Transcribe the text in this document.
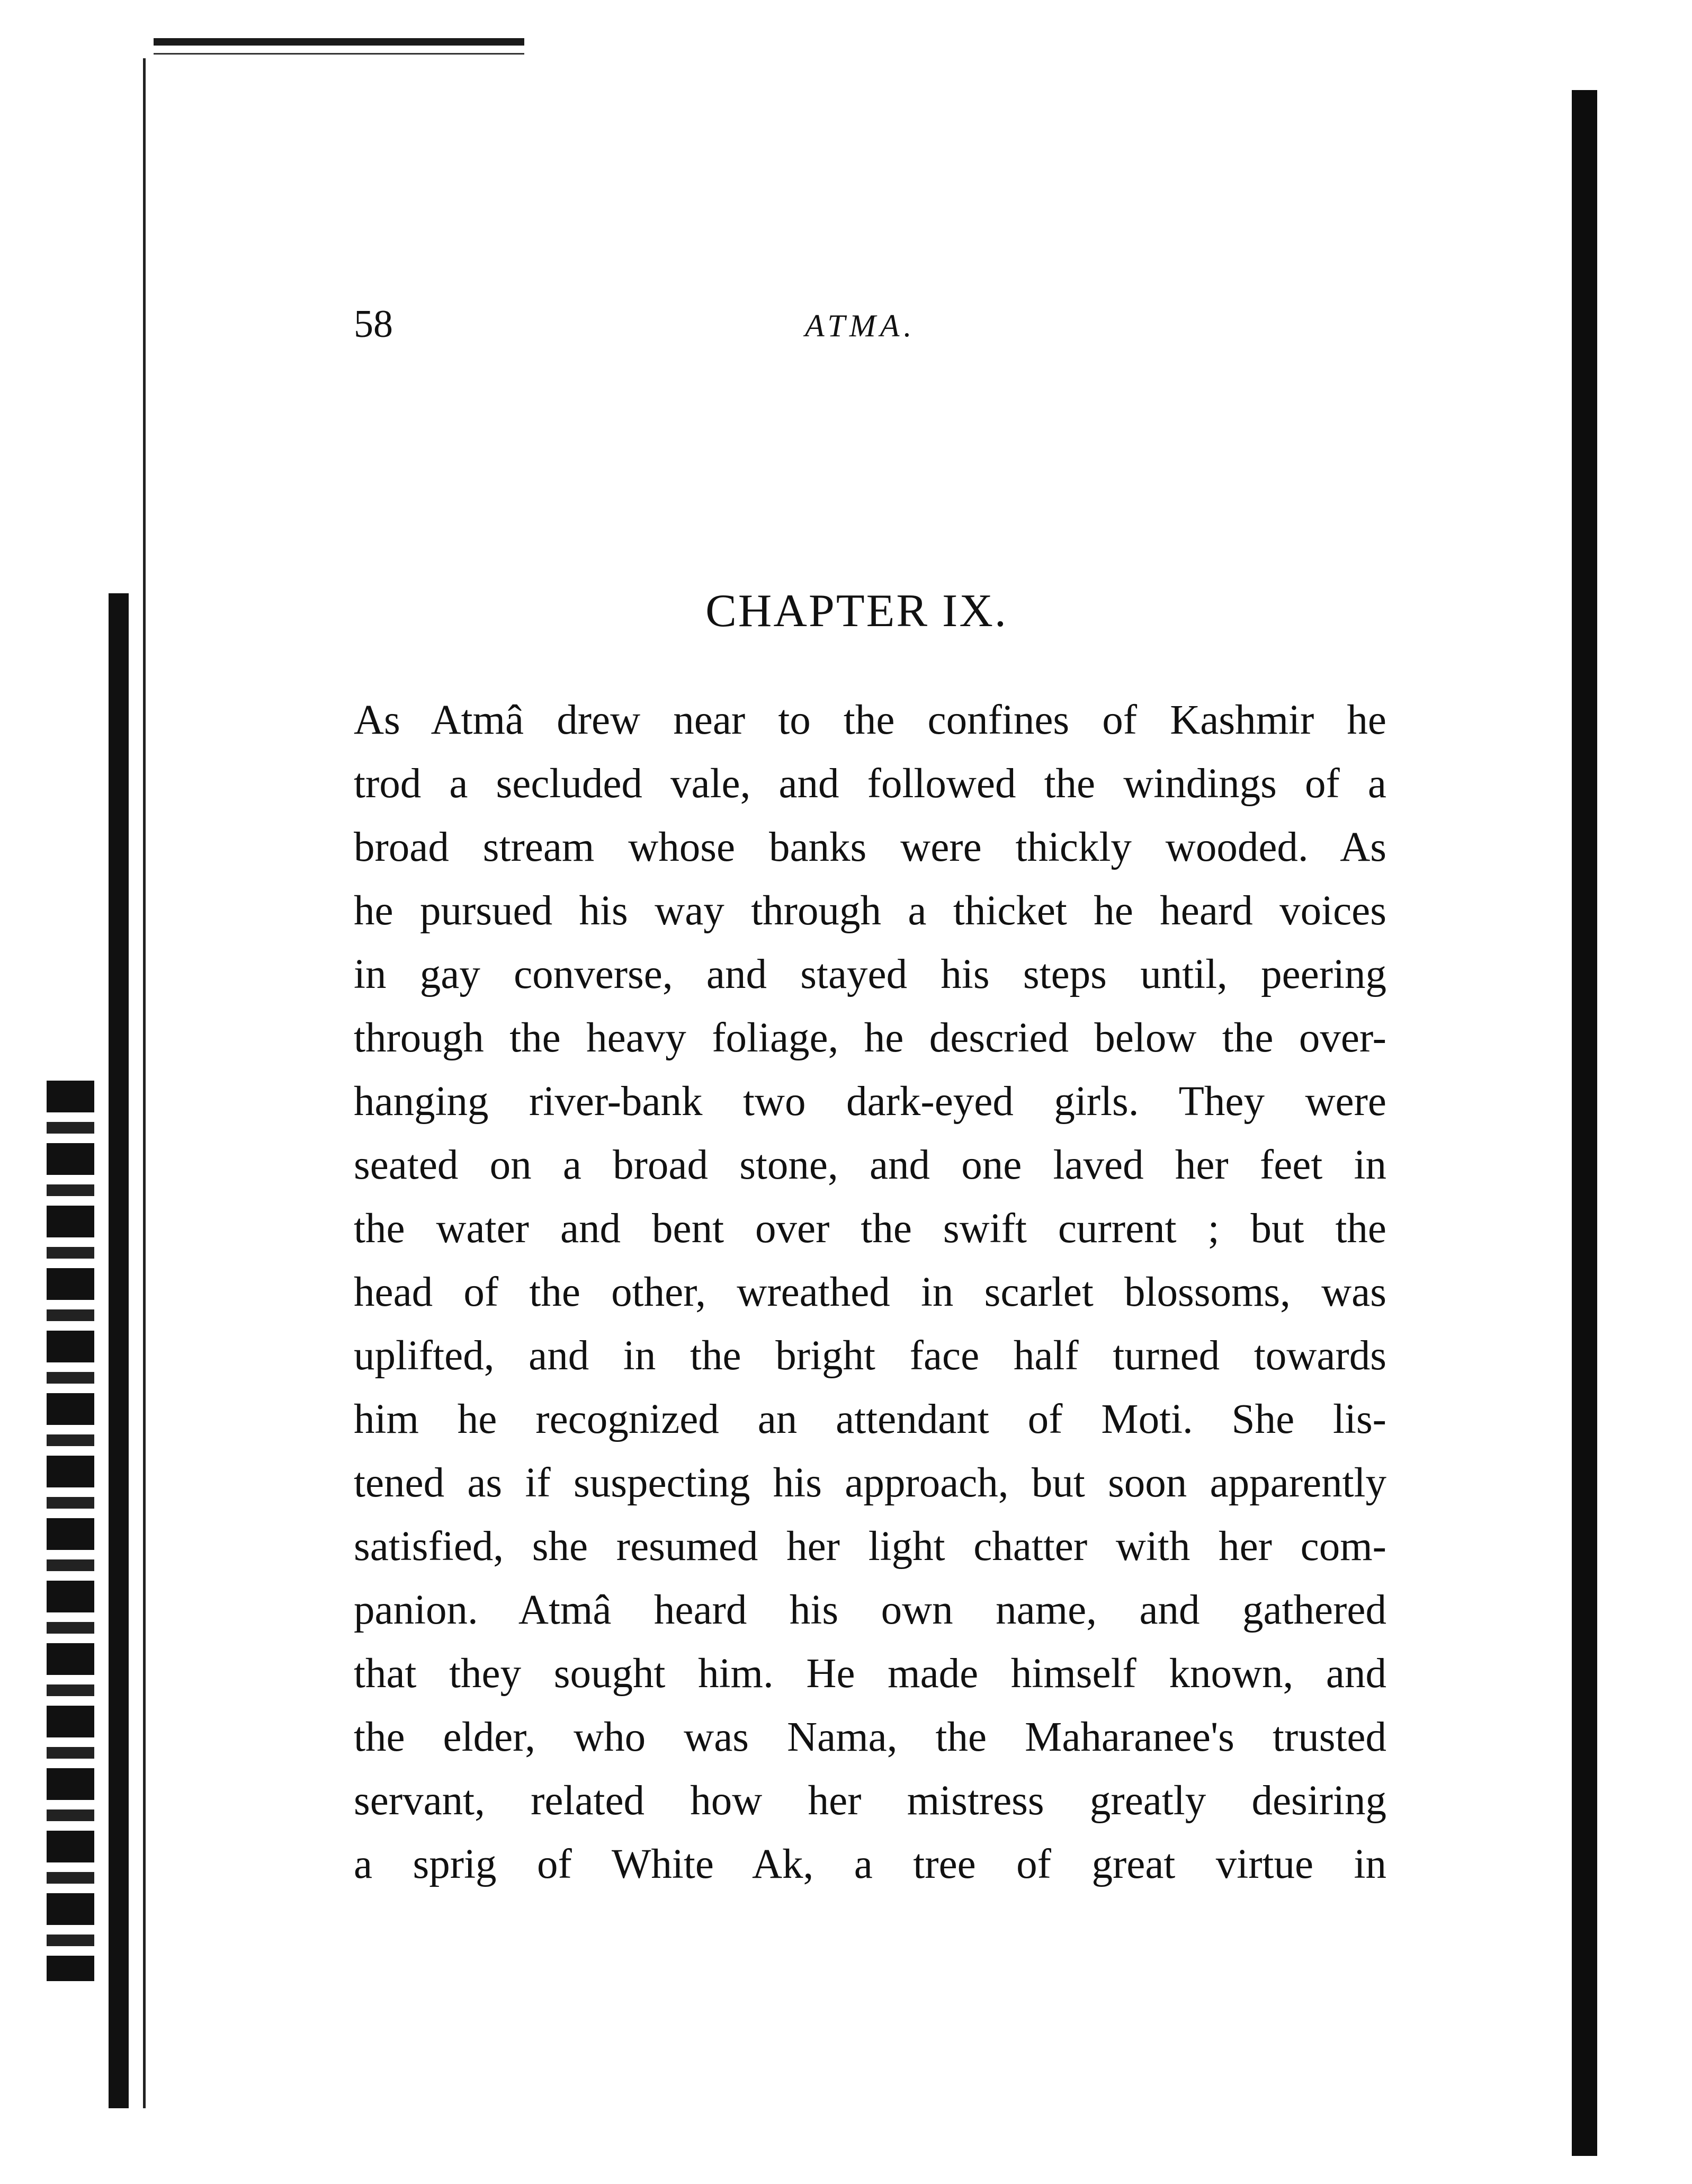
58	ATMA.
CHAPTER IX.
As Atmâ drew near to the confines of Kashmir he
trod a secluded vale, and followed the windings of a
broad stream whose banks were thickly wooded. As
he pursued his way through a thicket he heard voices
in gay converse, and stayed his steps until, peering
through the heavy foliage, he descried below the over-
hanging river-bank two dark-eyed girls. They were
seated on a broad stone, and one laved her feet in
the water and bent over the swift current ; but the
head of the other, wreathed in scarlet blossoms, was
uplifted, and in the bright face half turned towards
him he recognized an attendant of Moti. She lis-
tened as if suspecting his approach, but soon apparently
satisfied, she resumed her light chatter with her com-
panion. Atmâ heard his own name, and gathered
that they sought him. He made himself known, and
the elder, who was Nama, the Maharanee's trusted
servant, related how her mistress greatly desiring
a sprig of White Ak, a tree of great virtue in
